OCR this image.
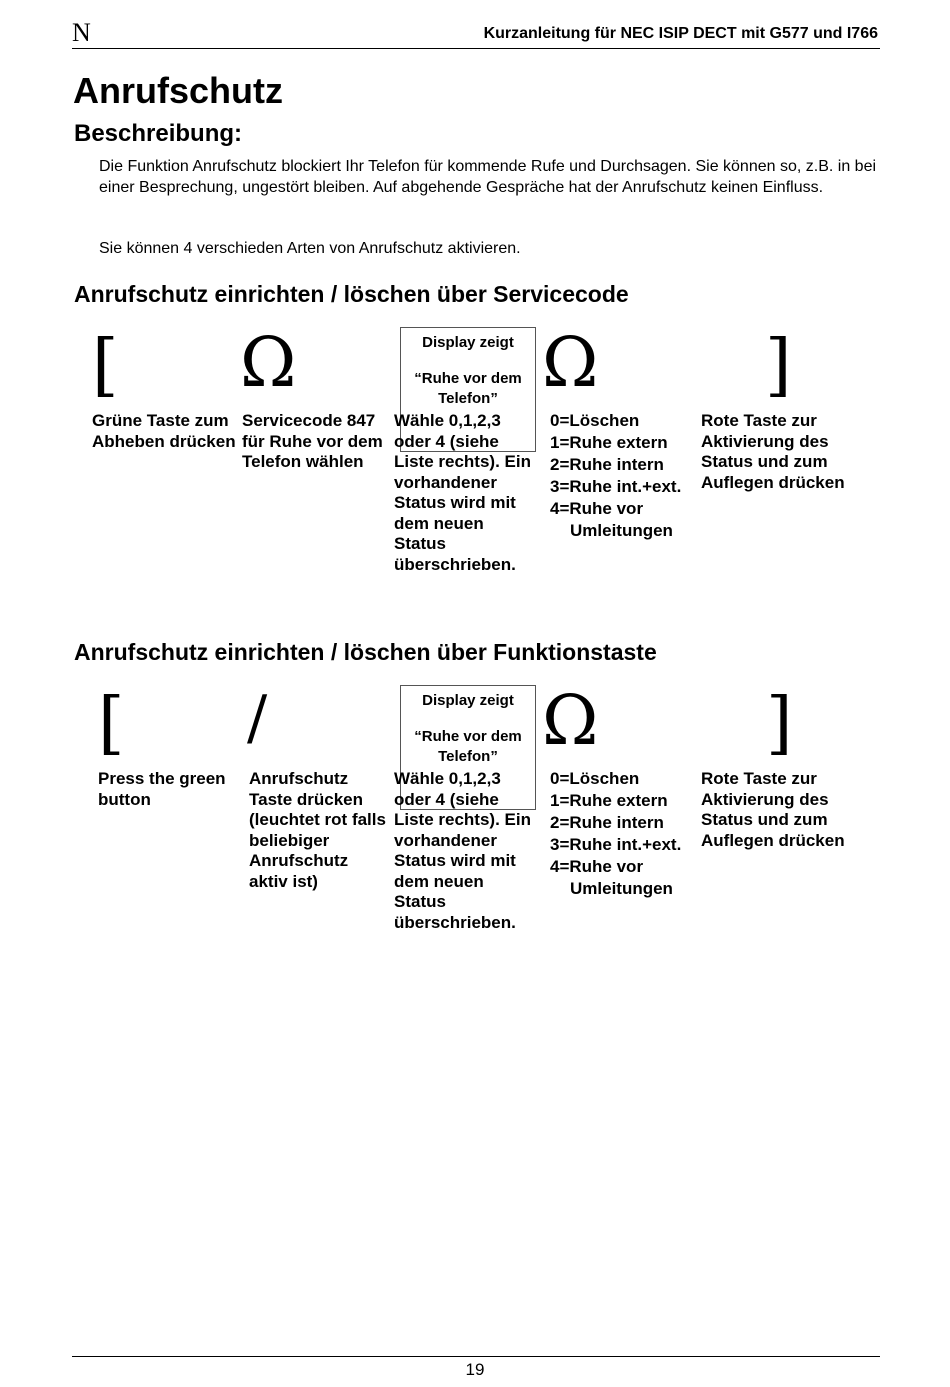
N	Kurzanleitung für NEC ISIP DECT mit G577 und I766
Anrufschutz
Beschreibung:
Die Funktion Anrufschutz blockiert Ihr Telefon für kommende Rufe und Durchsagen. Sie können so, z.B. in bei einer Besprechung, ungestört bleiben. Auf abgehende Gespräche hat der Anrufschutz keinen Einfluss.
Sie können 4 verschieden Arten von Anrufschutz aktivieren.
Anrufschutz einrichten / löschen über Servicecode
[ Ω	Display zeigt
“Ruhe vor dem Telefon” Ω ]
Grüne Taste zum Abheben drücken
Servicecode 847 für Ruhe vor dem Telefon wählen
Wähle 0,1,2,3 oder 4 (siehe Liste rechts). Ein vorhandener Status wird mit dem neuen Status überschrieben.
0=Löschen
1=Ruhe extern
2=Ruhe intern
3=Ruhe int.+ext.
4=Ruhe vor
Umleitungen
Rote Taste zur Aktivierung des Status und zum Auflegen drücken
Anrufschutz einrichten / löschen über Funktionstaste
[ /	Display zeigt
“Ruhe vor dem Telefon” Ω ]
Press the green button
Anrufschutz Taste drücken (leuchtet rot falls beliebiger Anrufschutz aktiv ist)
Wähle 0,1,2,3 oder 4 (siehe Liste rechts). Ein vorhandener Status wird mit dem neuen Status überschrieben.
0=Löschen
1=Ruhe extern
2=Ruhe intern
3=Ruhe int.+ext.
4=Ruhe vor
Umleitungen
Rote Taste zur Aktivierung des Status und zum Auflegen drücken
19
